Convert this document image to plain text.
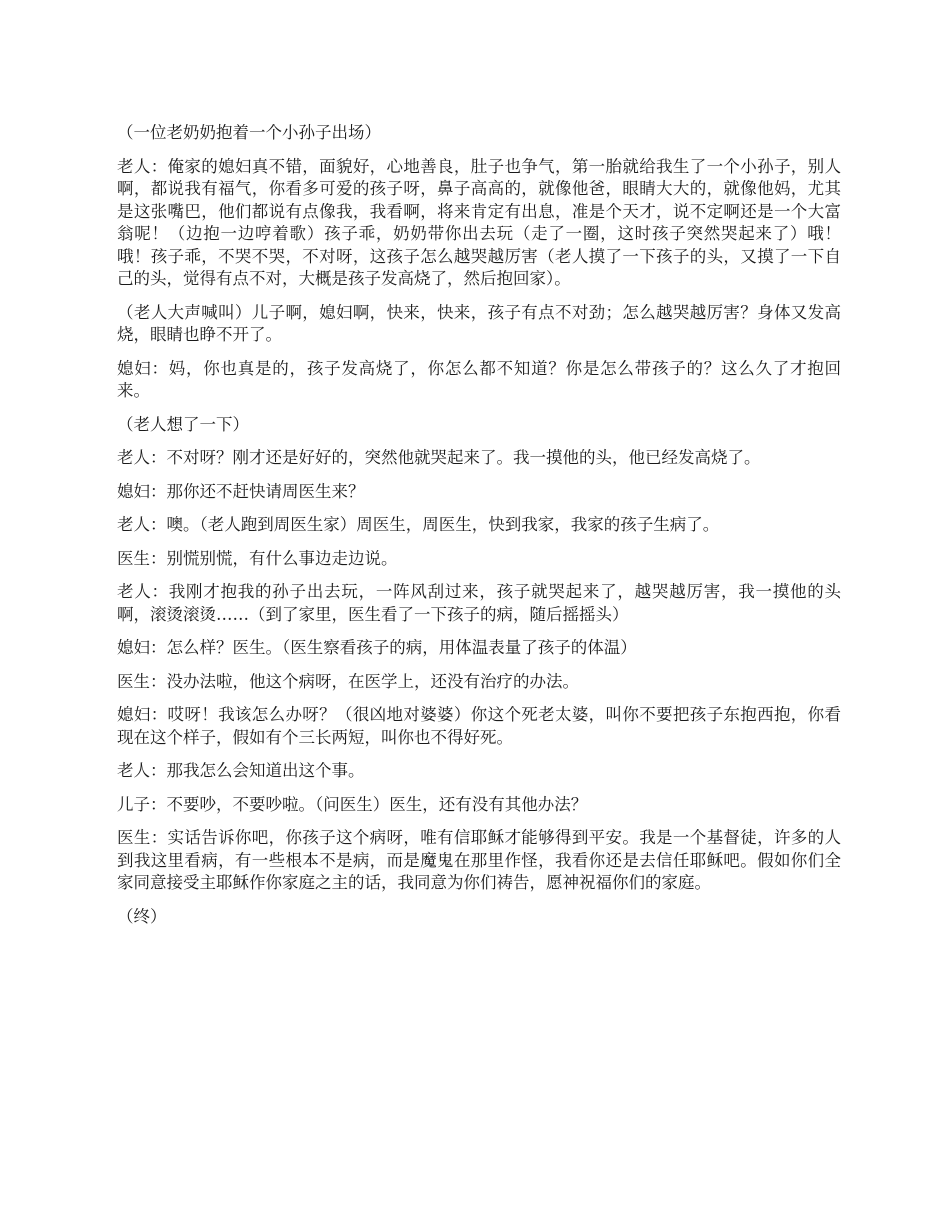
（一位老奶奶抱着一个小孙子出场）

老人：俺家的媳妇真不错，面貌好，心地善良，肚子也争气，第一胎就给我生了一个小孙子，别人啊，都说我有福气，你看多可爱的孩子呀，鼻子高高的，就像他爸，眼睛大大的，就像他妈，尤其是这张嘴巴，他们都说有点像我，我看啊，将来肯定有出息，准是个天才，说不定啊还是一个大富翁呢！（边抱一边哼着歌）孩子乖，奶奶带你出去玩（走了一圈，这时孩子突然哭起来了）哦！哦！孩子乖，不哭不哭，不对呀，这孩子怎么越哭越厉害（老人摸了一下孩子的头，又摸了一下自己的头，觉得有点不对，大概是孩子发高烧了，然后抱回家）。

（老人大声喊叫）儿子啊，媳妇啊，快来，快来，孩子有点不对劲；怎么越哭越厉害？身体又发高烧，眼睛也睁不开了。

媳妇：妈，你也真是的，孩子发高烧了，你怎么都不知道？你是怎么带孩子的？这么久了才抱回来。

（老人想了一下）

老人：不对呀？刚才还是好好的，突然他就哭起来了。我一摸他的头，他已经发高烧了。

媳妇：那你还不赶快请周医生来？

老人：噢。（老人跑到周医生家）周医生，周医生，快到我家，我家的孩子生病了。

医生：别慌别慌，有什么事边走边说。

老人：我刚才抱我的孙子出去玩，一阵风刮过来，孩子就哭起来了，越哭越厉害，我一摸他的头啊，滚烫滚烫……（到了家里，医生看了一下孩子的病，随后摇摇头）

媳妇：怎么样？医生。（医生察看孩子的病，用体温表量了孩子的体温）

医生：没办法啦，他这个病呀，在医学上，还没有治疗的办法。

媳妇：哎呀！我该怎么办呀？（很凶地对婆婆）你这个死老太婆，叫你不要把孩子东抱西抱，你看现在这个样子，假如有个三长两短，叫你也不得好死。

老人：那我怎么会知道出这个事。

儿子：不要吵，不要吵啦。（问医生）医生，还有没有其他办法？

医生：实话告诉你吧，你孩子这个病呀，唯有信耶稣才能够得到平安。我是一个基督徒，许多的人到我这里看病，有一些根本不是病，而是魔鬼在那里作怪，我看你还是去信任耶稣吧。假如你们全家同意接受主耶稣作你家庭之主的话，我同意为你们祷告，愿神祝福你们的家庭。

（终）
